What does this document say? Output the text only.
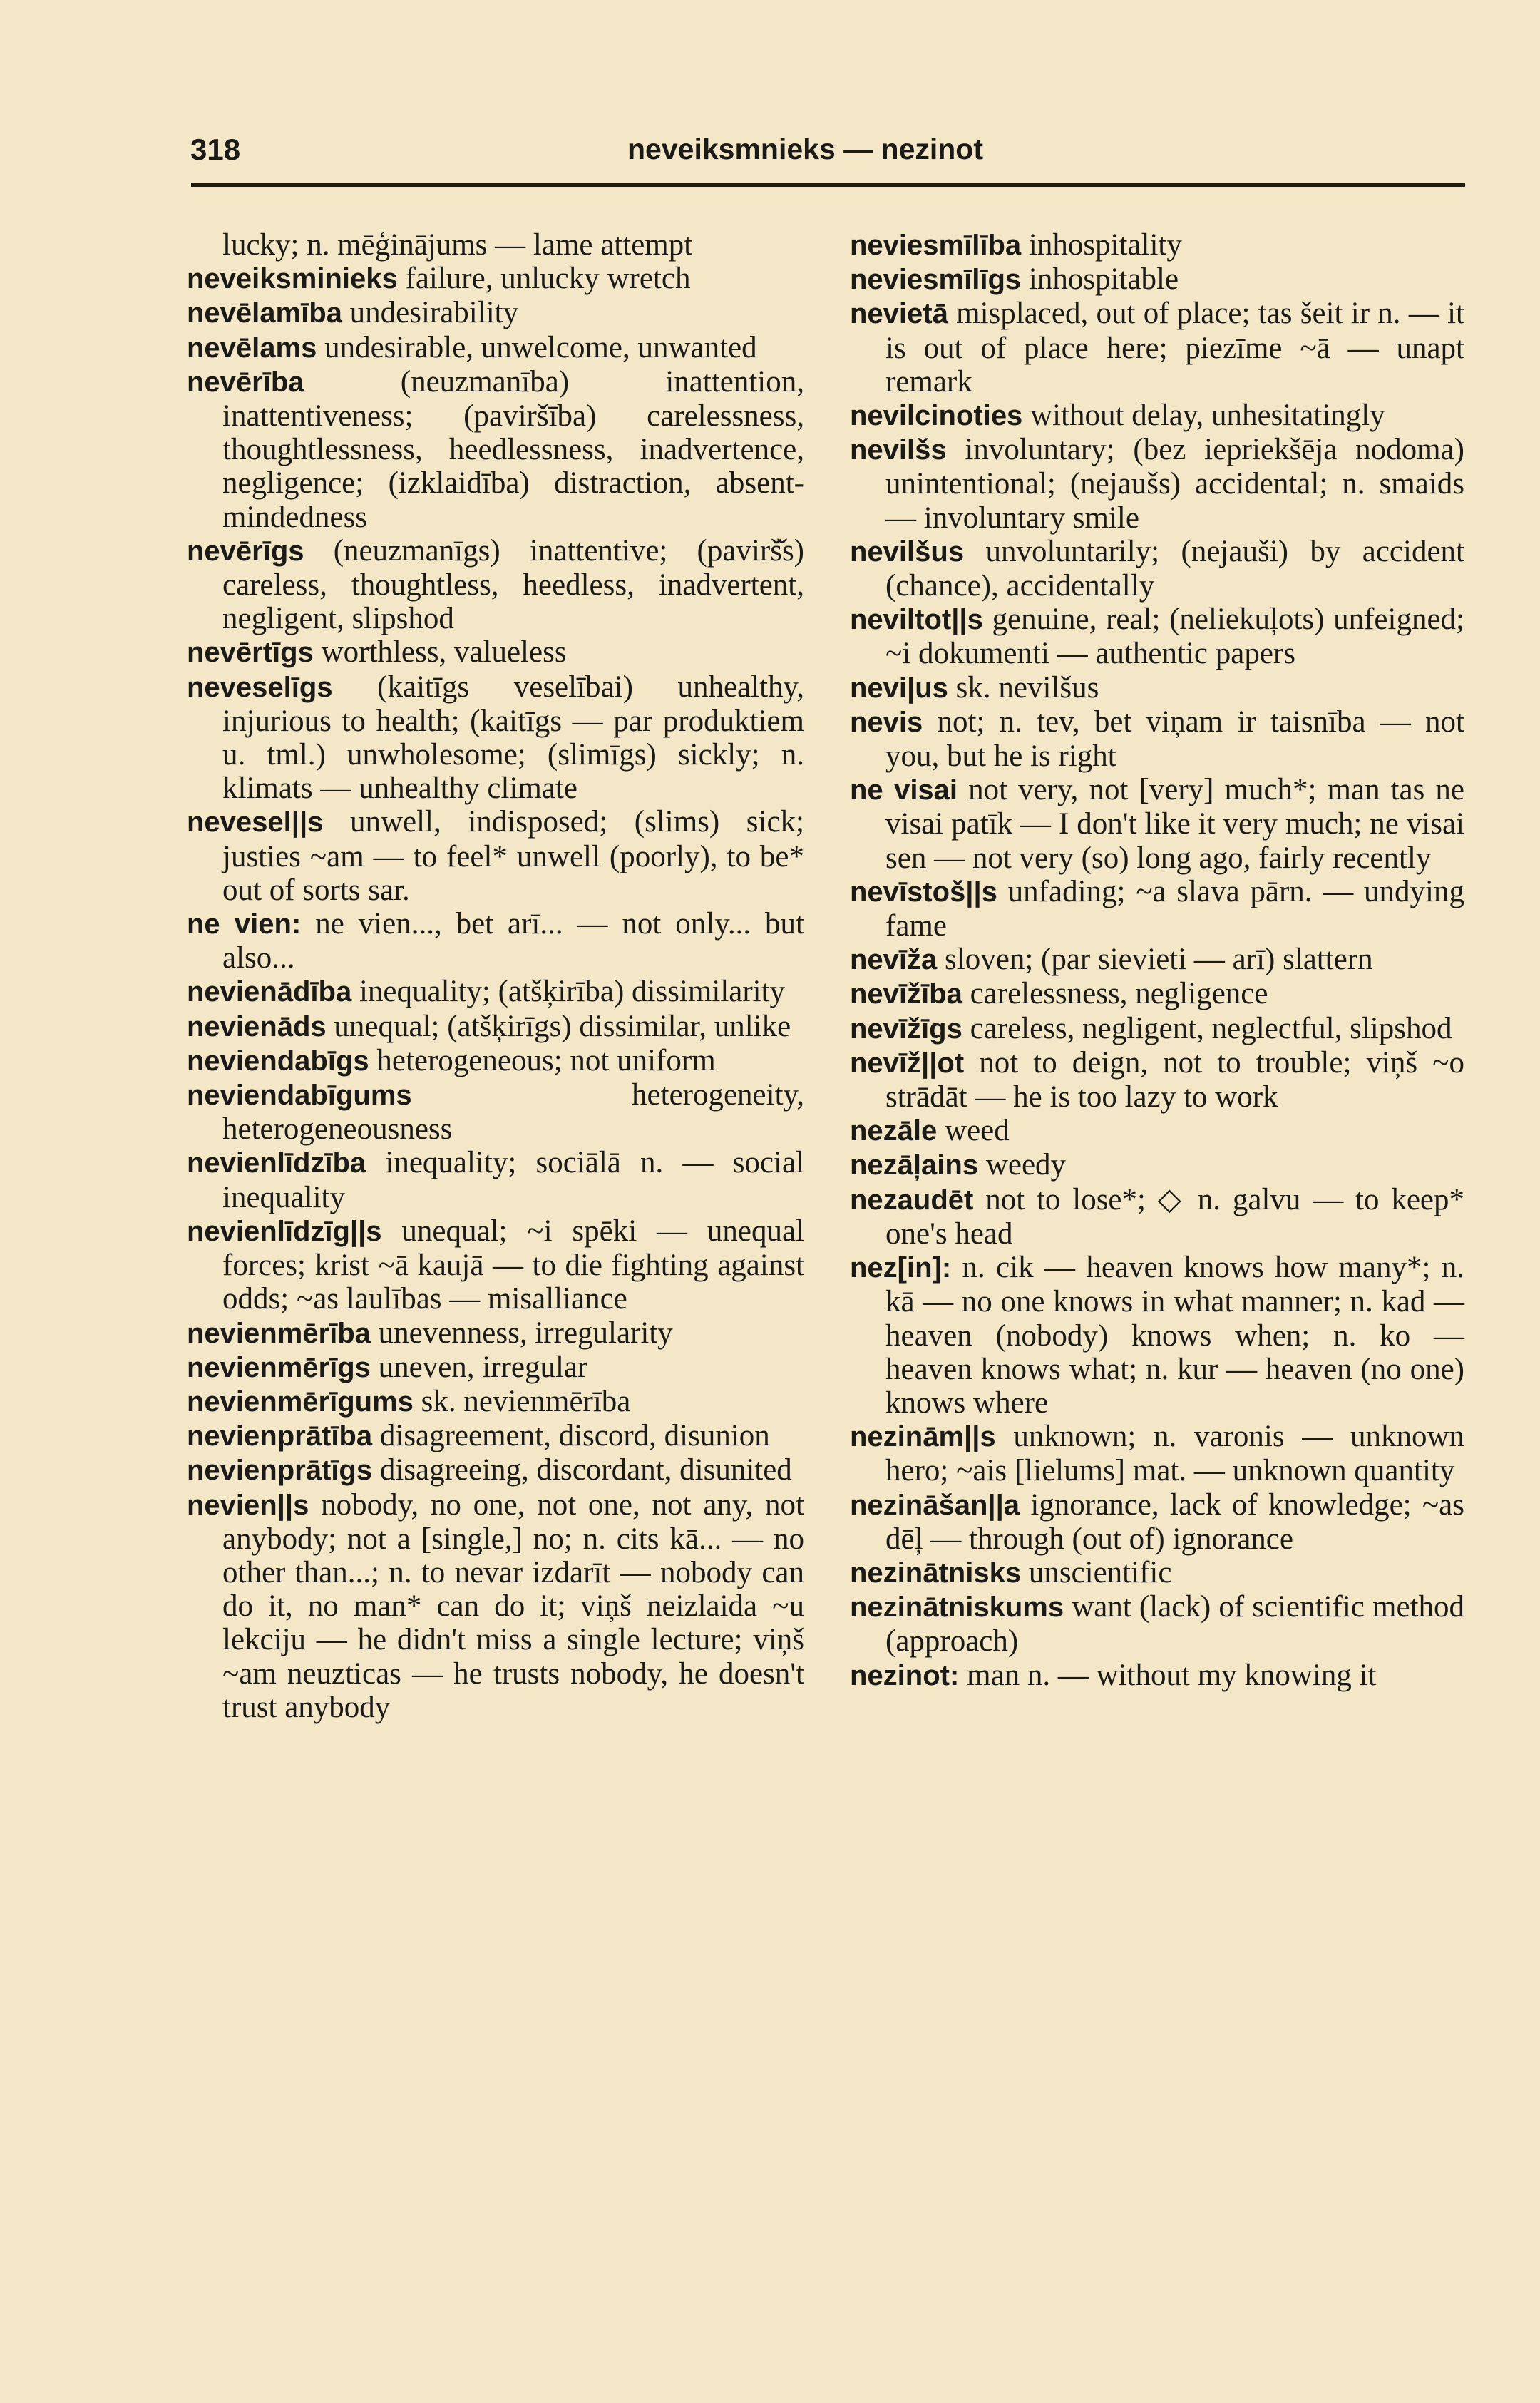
318	neveiksmnieks — nezinot

lucky; n. mēģinājums — lame attempt

neveiksminieks failure, unlucky wretch

nevēlamība undesirability

nevēlams undesirable, unwelcome, unwanted

nevērība (neuzmanība) inattention, inattentiveness; (paviršība) carelessness, thoughtlessness, heedlessness, inadvertence, negligence; (izklaidība) distraction, absent-mindedness

nevērīgs (neuzmanīgs) inattentive; (pavirš̌s) careless, thoughtless, heedless, inadvertent, negligent, slipshod

nevērtīgs worthless, valueless

neveselīgs (kaitīgs veselībai) unhealthy, injurious to health; (kaitīgs — par produktiem u. tml.) unwholesome; (slimīgs) sickly; n. klimats — unhealthy climate

nevesel||s unwell, indisposed; (slims) sick; justies ~am — to feel* unwell (poorly), to be* out of sorts sar.

ne vien: ne vien..., bet arī... — not only... but also...

nevienādība inequality; (atšķirība) dissimilarity

nevienāds unequal; (atšķirīgs) dissimilar, unlike

neviendabīgs heterogeneous; not uniform

neviendabīgums heterogeneity, heterogeneousness

nevienlīdzība inequality; sociālā n. — social inequality

nevienlīdzīg||s unequal; ~i spēki — unequal forces; krist ~ā kaujā — to die fighting against odds; ~as laulības — misalliance

nevienmērība unevenness, irregularity

nevienmērīgs uneven, irregular

nevienmērīgums sk. nevienmērība

nevienprātība disagreement, discord, disunion

nevienprātīgs disagreeing, discordant, disunited

nevien||s nobody, no one, not one, not any, not anybody; not a [single,] no; n. cits kā... — no other than...; n. to nevar izdarīt — nobody can do it, no man* can do it; viņš neizlaida ~u lekciju — he didn't miss a single lecture; viņš ~am neuzticas — he trusts nobody, he doesn't trust anybody

neviesmīlība inhospitality

neviesmīlīgs inhospitable

nevietā misplaced, out of place; tas šeit ir n. — it is out of place here; piezīme ~ā — unapt remark

nevilcinoties without delay, unhesitatingly

nevilšs involuntary; (bez iepriekšēja nodoma) unintentional; (nejaušs) accidental; n. smaids — involuntary smile

nevilšus unvoluntarily; (nejauši) by accident (chance), accidentally

neviltot||s genuine, real; (neliekuļots) unfeigned; ~i dokumenti — authentic papers

nevi|us sk. nevilšus

nevis not; n. tev, bet viņam ir taisnība — not you, but he is right

ne visai not very, not [very] much*; man tas ne visai patīk — I don't like it very much; ne visai sen — not very (so) long ago, fairly recently

nevīstoš||s unfading; ~a slava pārn. — undying fame

nevīža sloven; (par sievieti — arī) slattern

nevīžība carelessness, negligence

nevīžīgs careless, negligent, neglectful, slipshod

nevīž||ot not to deign, not to trouble; viņš ~o strādāt — he is too lazy to work

nezāle weed

nezāļains weedy

nezaudēt not to lose*; ◇ n. galvu — to keep* one's head

nez[in]: n. cik — heaven knows how many*; n. kā — no one knows in what manner; n. kad — heaven (nobody) knows when; n. ko — heaven knows what; n. kur — heaven (no one) knows where

nezinām||s unknown; n. varonis — unknown hero; ~ais [lielums] mat. — unknown quantity

nezināšan||a ignorance, lack of knowledge; ~as dēļ — through (out of) ignorance

nezinātnisks unscientific

nezinātniskums want (lack) of scientific method (approach)

nezinot: man n. — without my knowing it
